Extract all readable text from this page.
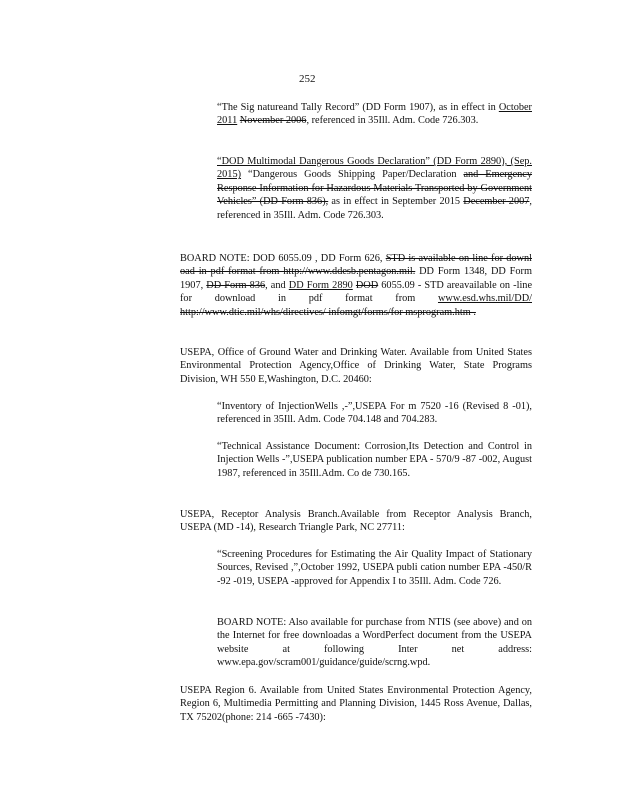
252
“The Sig natureand Tally Record” (DD Form 1907), as in effect in October 2011 November 2006, referenced in 35Ill. Adm. Code 726.303.
“DOD Multimodal Dangerous Goods Declaration” (DD Form 2890), (Sep. 2015) “Dangerous Goods Shipping Paper/Declaration and Emergency Response Information for Hazardous Materials Transported by Government Vehicles” (DD Form 836), as in effect in September 2015 December 2007, referenced in 35Ill. Adm. Code 726.303.
BOARD NOTE: DOD 6055.09 , DD Form 626, STD is available on line for downl oad in pdf format from http://www.ddesb.pentagon.mil. DD Form 1348, DD Form 1907, DD Form 836, and DD Form 2890 DOD 6055.09 - STD areavailable on -line for download in pdf format from www.esd.whs.mil/DD/ http://www.dtic.mil/whs/directives/ infomgt/forms/for msprogram.htm .
USEPA, Office of Ground Water and Drinking Water. Available from United States Environmental Protection Agency,Office of Drinking Water, State Programs Division, WH 550 E,Washington, D.C. 20460:
“Inventory of InjectionWells ,-”,USEPA For m 7520 -16 (Revised 8 -01), referenced in 35Ill. Adm. Code 704.148 and 704.283.
“Technical Assistance Document: Corrosion,Its Detection and Control in Injection Wells -”,USEPA publication number EPA - 570/9 -87 -002, August 1987, referenced in 35Ill.Adm. Co de 730.165.
USEPA, Receptor Analysis Branch.Available from Receptor Analysis Branch, USEPA (MD -14), Research Triangle Park, NC 27711:
“Screening Procedures for Estimating the Air Quality Impact of Stationary Sources, Revised ,”,October 1992, USEPA publi cation number EPA -450/R -92 -019, USEPA -approved for Appendix I to 35Ill. Adm. Code 726.
BOARD NOTE: Also available for purchase from NTIS (see above) and on the Internet for free downloadas a WordPerfect document from the USEPA website at following Inter net address: www.epa.gov/scram001/guidance/guide/scrng.wpd.
USEPA Region 6. Available from United States Environmental Protection Agency, Region 6, Multimedia Permitting and Planning Division, 1445 Ross Avenue, Dallas, TX 75202(phone: 214 -665 -7430):
